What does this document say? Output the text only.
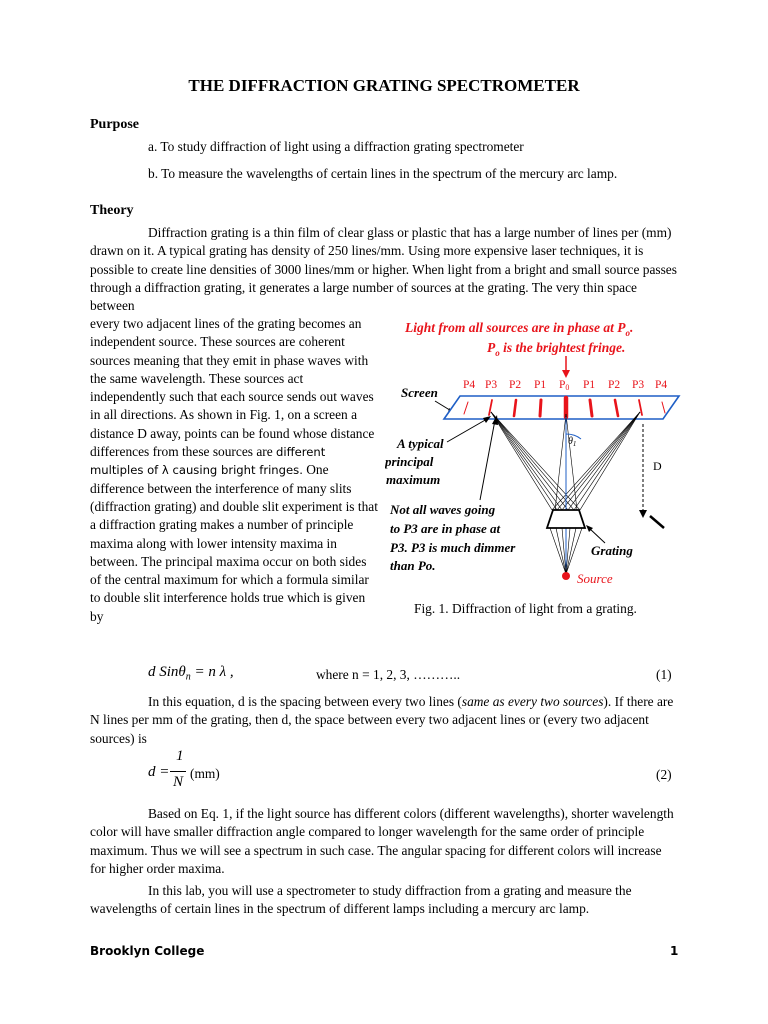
THE DIFFRACTION GRATING SPECTROMETER
Purpose
a. To study diffraction of light using a diffraction grating spectrometer
b. To measure the wavelengths of certain lines in the spectrum of the mercury arc lamp.
Theory
Diffraction grating is a thin film of clear glass or plastic that has a large number of lines per (mm) drawn on it. A typical grating has density of 250 lines/mm. Using more expensive laser techniques, it is possible to create line densities of 3000 lines/mm or higher. When light from a bright and small source passes through a diffraction grating, it generates a large number of sources at the grating. The very thin space between
every two adjacent lines of the grating becomes an independent source. These sources are coherent sources meaning that they emit in phase waves with the same wavelength. These sources act independently such that each source sends out waves in all directions. As shown in Fig. 1, on a screen a distance D away, points can be found whose distance differences from these sources are different multiples of λ causing bright fringes. One difference between the interference of many slits (diffraction grating) and double slit experiment is that a diffraction grating makes a number of principle maxima along with lower intensity maxima in between. The principal maxima occur on both sides of the central maximum for which a formula similar to double slit interference holds true which is given by
Light from all sources are in phase at $P_o$.
$P_o$ is the brightest fringe.
Screen P4 P3 P2 P1 P0 P1 P2 P3 P4
$\theta_1$
Source
Grating
D
A typical
principal
maximum
Not all waves going
to P3 are in phase at
P3. P3 is much dimmer
than Po.
Fig. 1. Diffraction of light from a grating.
d Sinθ$_n$ = n λ ,	where n = 1, 2, 3, ………..	(1)
In this equation, d is the spacing between every two lines (same as every two sources). If there are N lines per mm of the grating, then d, the space between every two adjacent lines or (every two adjacent sources) is
d =
1
N
(mm)	(2)
Based on Eq. 1, if the light source has different colors (different wavelengths), shorter wavelength color will have smaller diffraction angle compared to longer wavelength for the same order of principle maximum. Thus we will see a spectrum in such case. The angular spacing for different colors will increase for higher order maxima.
In this lab, you will use a spectrometer to study diffraction from a grating and measure the wavelengths of certain lines in the spectrum of different lamps including a mercury arc lamp.
Brooklyn College	1
